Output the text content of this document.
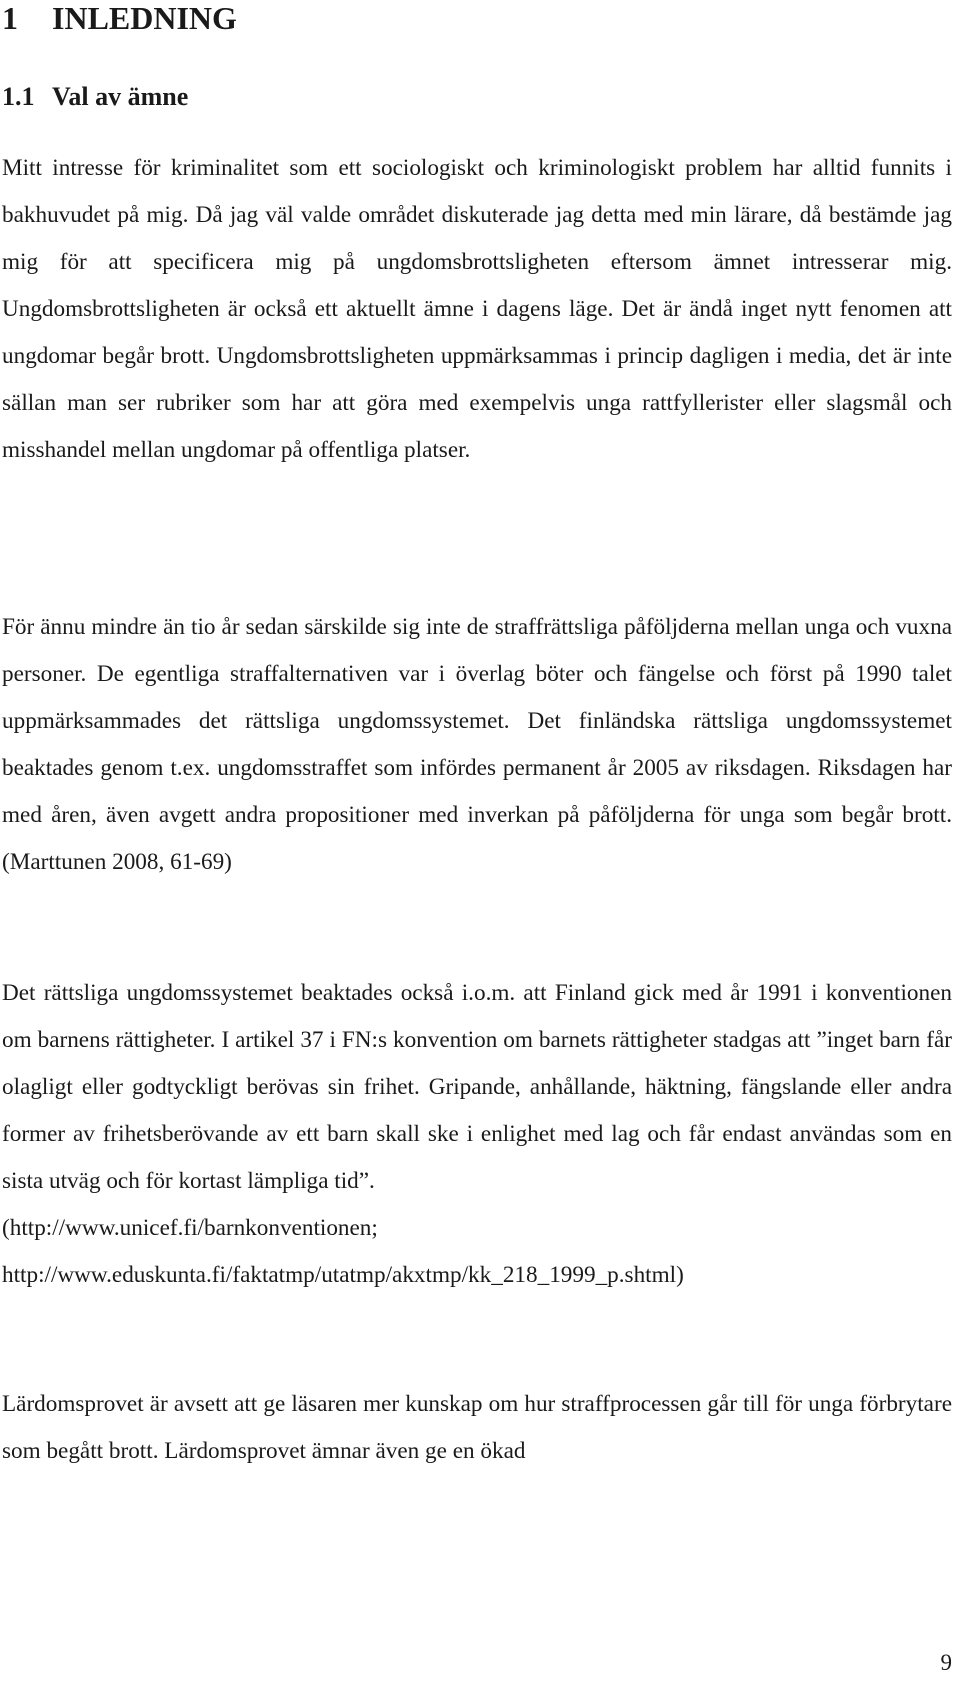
1 INLEDNING
1.1 Val av ämne

Mitt intresse för kriminalitet som ett sociologiskt och kriminologiskt problem har alltid funnits i bakhuvudet på mig. Då jag väl valde området diskuterade jag detta med min lärare, då bestämde jag mig för att specificera mig på ungdomsbrottsligheten eftersom ämnet intresserar mig. Ungdomsbrottsligheten är också ett aktuellt ämne i dagens läge. Det är ändå inget nytt fenomen att ungdomar begår brott. Ungdomsbrottsligheten uppmärksammas i princip dagligen i media, det är inte sällan man ser rubriker som har att göra med exempelvis unga rattfyllerister eller slagsmål och misshandel mellan ungdomar på offentliga platser.

För ännu mindre än tio år sedan särskilde sig inte de straffrättsliga påföljderna mellan unga och vuxna personer. De egentliga straffalternativen var i överlag böter och fängelse och först på 1990 talet uppmärksammades det rättsliga ungdomssystemet. Det finländska rättsliga ungdomssystemet beaktades genom t.ex. ungdomsstraffet som infördes permanent år 2005 av riksdagen. Riksdagen har med åren, även avgett andra propositioner med inverkan på påföljderna för unga som begår brott. (Marttunen 2008, 61-69)

Det rättsliga ungdomssystemet beaktades också i.o.m. att Finland gick med år 1991 i konventionen om barnens rättigheter. I artikel 37 i FN:s konvention om barnets rättigheter stadgas att ”inget barn får olagligt eller godtyckligt berövas sin frihet. Gripande, anhållande, häktning, fängslande eller andra former av frihetsberövande av ett barn skall ske i enlighet med lag och får endast användas som en sista utväg och för kortast lämpliga tid”.
(http://www.unicef.fi/barnkonventionen;
http://www.eduskunta.fi/faktatmp/utatmp/akxtmp/kk_218_1999_p.shtml)

Lärdomsprovet är avsett att ge läsaren mer kunskap om hur straffprocessen går till för unga förbrytare som begått brott. Lärdomsprovet ämnar även ge en ökad

9
